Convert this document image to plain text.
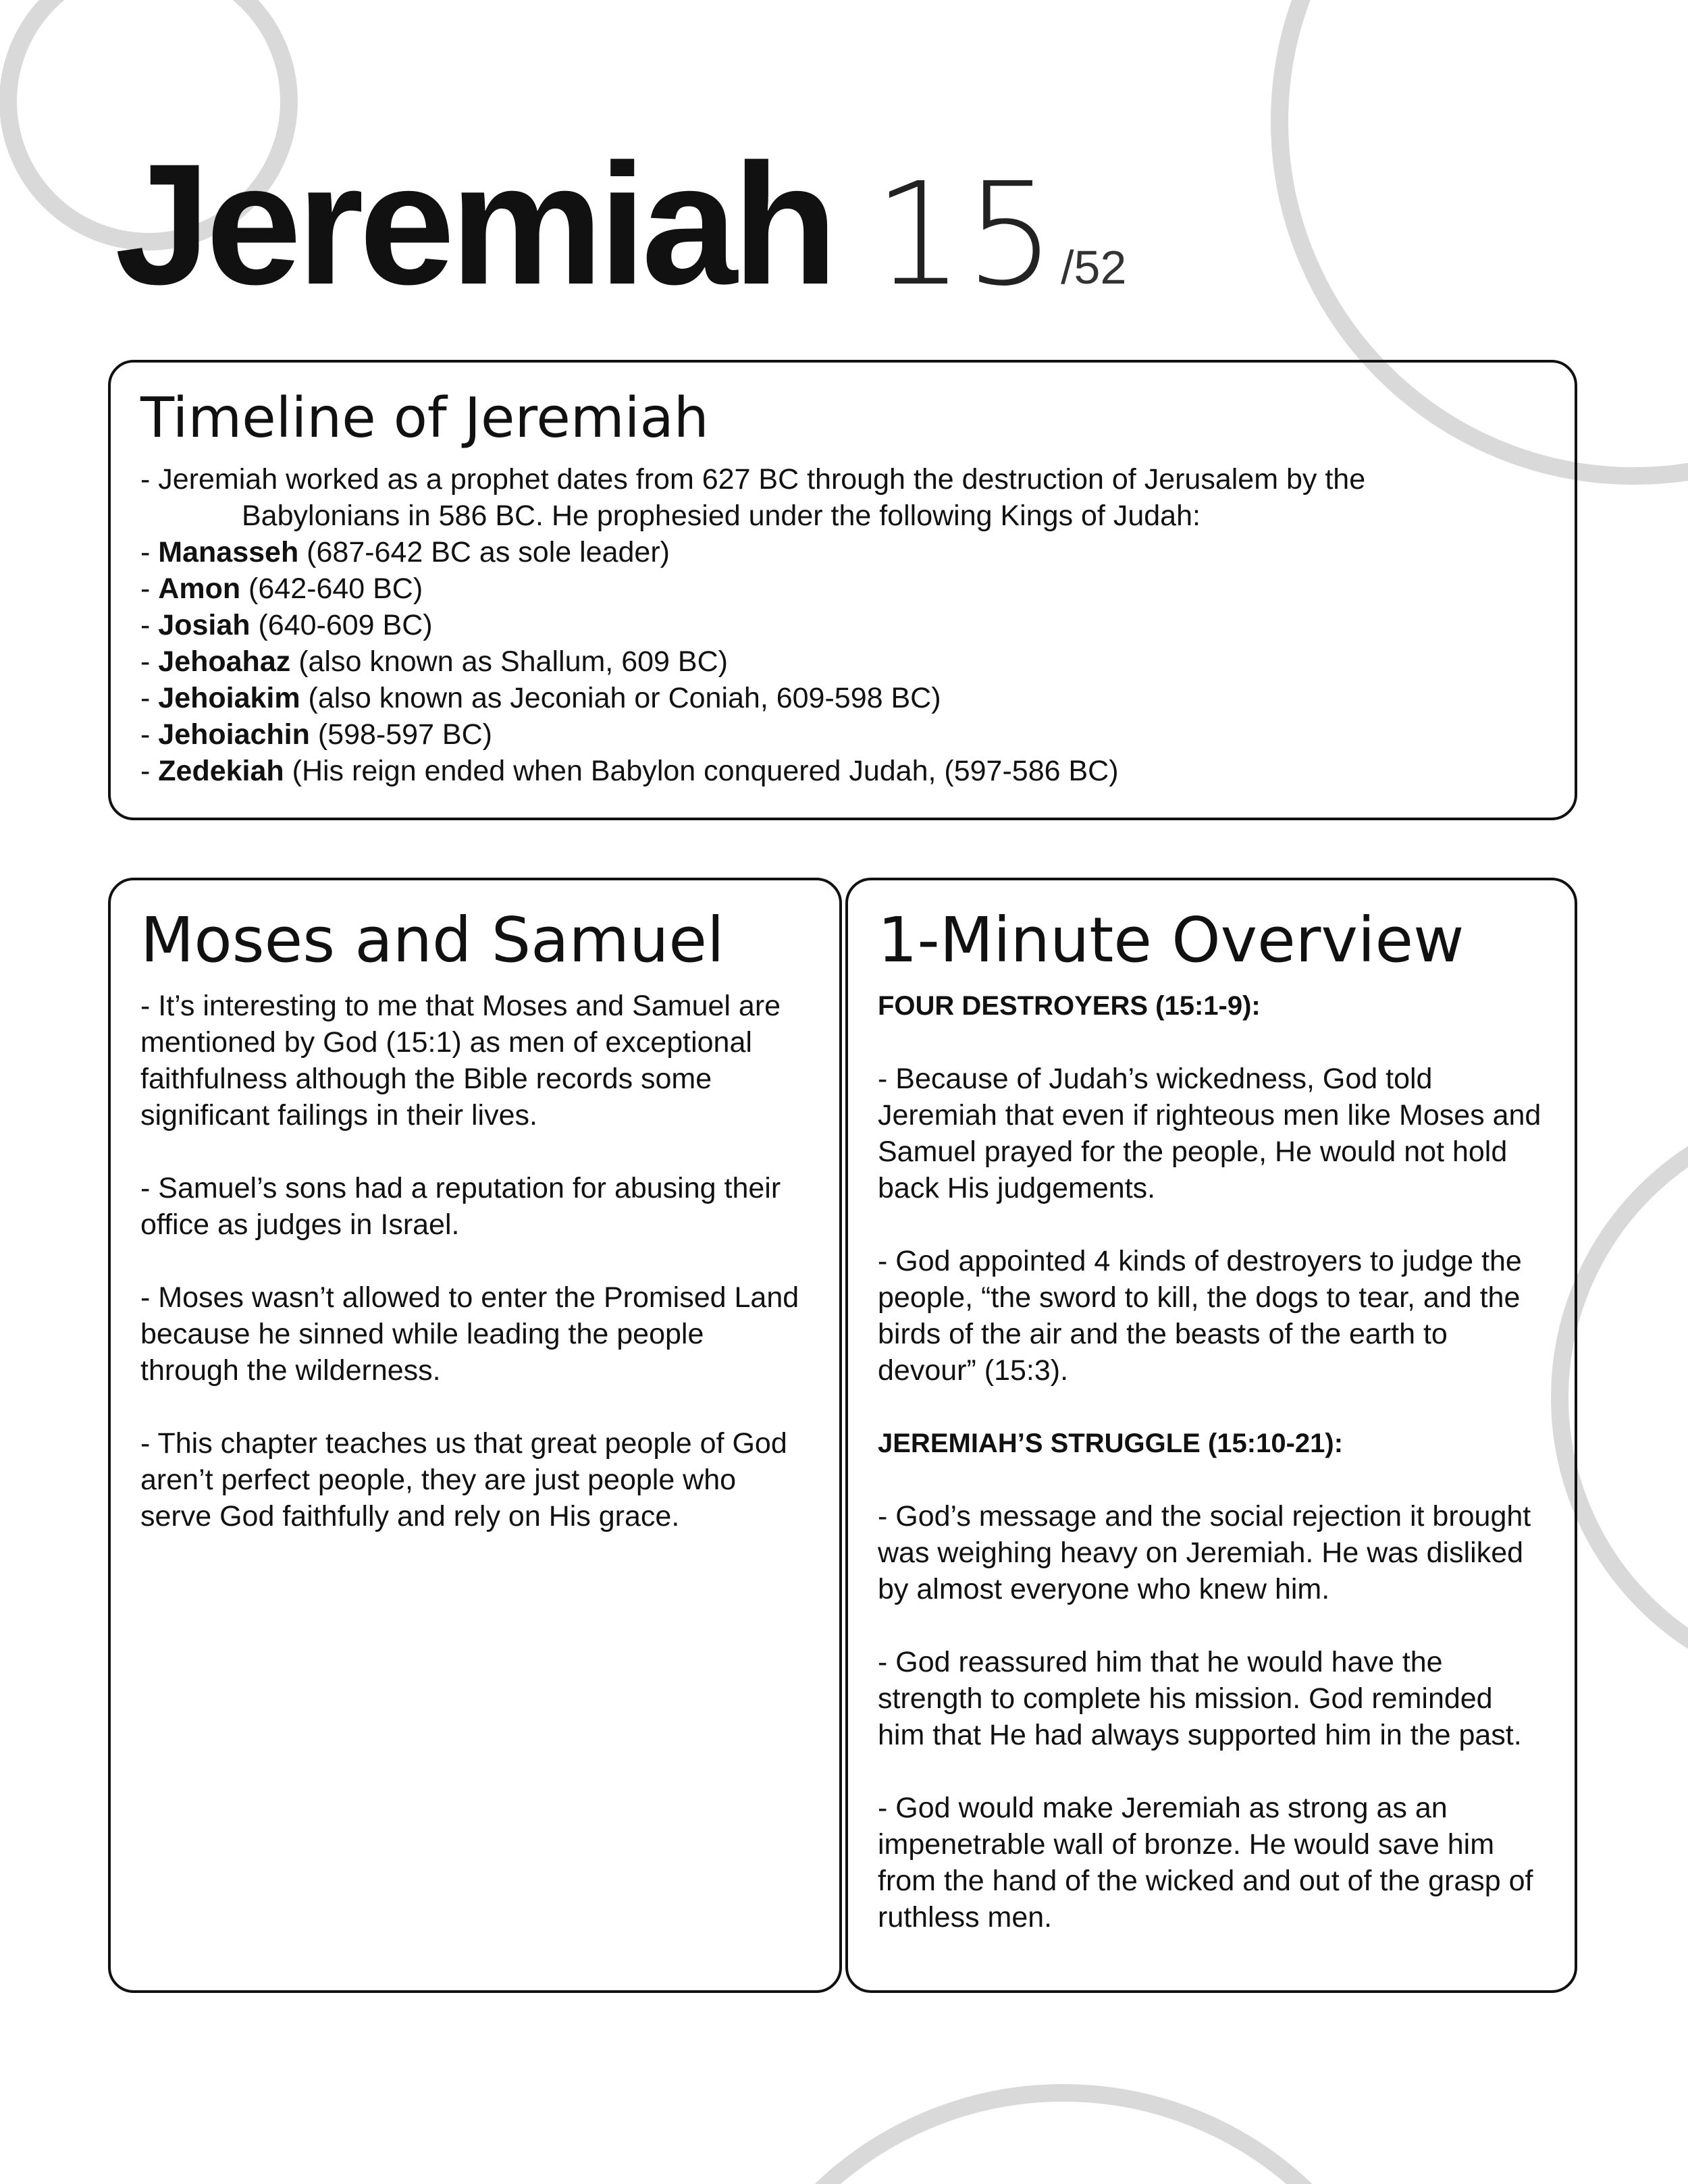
Jeremiah 15/52
Timeline of Jeremiah
- Jeremiah worked as a prophet dates from 627 BC through the destruction of Jerusalem by the
Babylonians in 586 BC. He prophesied under the following Kings of Judah:
- Manasseh (687-642 BC as sole leader)
- Amon (642-640 BC)
- Josiah (640-609 BC)
- Jehoahaz (also known as Shallum, 609 BC)
- Jehoiakim (also known as Jeconiah or Coniah, 609-598 BC)
- Jehoiachin (598-597 BC)
- Zedekiah (His reign ended when Babylon conquered Judah, (597-586 BC)
Moses and Samuel

- It’s interesting to me that Moses and Samuel are mentioned by God (15:1) as men of exceptional faithfulness although the Bible records some significant failings in their lives.

- Samuel’s sons had a reputation for abusing their office as judges in Israel.

- Moses wasn’t allowed to enter the Promised Land because he sinned while leading the people through the wilderness.

- This chapter teaches us that great people of God aren’t perfect people, they are just people who serve God faithfully and rely on His grace.

1-Minute Overview

FOUR DESTROYERS (15:1-9):

- Because of Judah’s wickedness, God told Jeremiah that even if righteous men like Moses and Samuel prayed for the people, He would not hold back His judgements.

- God appointed 4 kinds of destroyers to judge the people, “the sword to kill, the dogs to tear, and the birds of the air and the beasts of the earth to devour” (15:3).

JEREMIAH’S STRUGGLE (15:10-21):

- God’s message and the social rejection it brought was weighing heavy on Jeremiah. He was disliked by almost everyone who knew him.

- God reassured him that he would have the strength to complete his mission. God reminded him that He had always supported him in the past.

- God would make Jeremiah as strong as an impenetrable wall of bronze. He would save him from the hand of the wicked and out of the grasp of ruthless men.
